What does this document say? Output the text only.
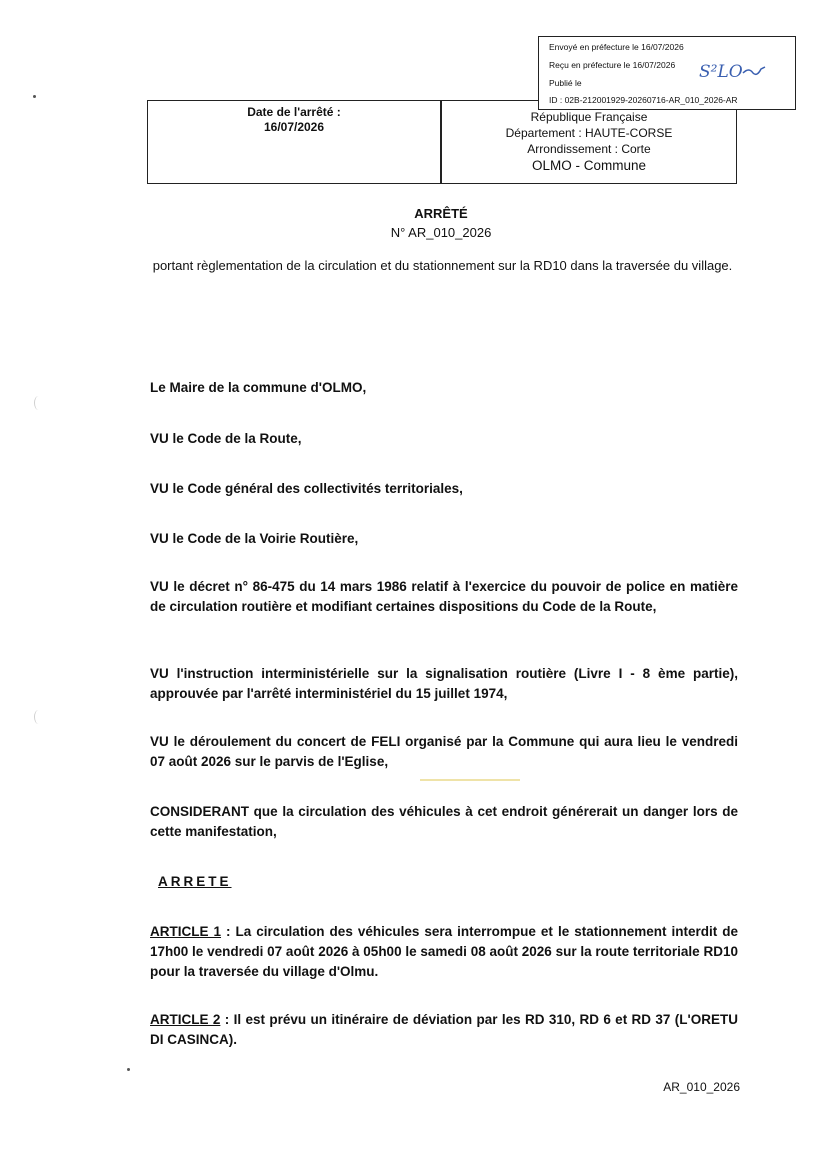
Envoyé en préfecture le 16/07/2026
Reçu en préfecture le 16/07/2026
Publié le
ID : 02B-212001929-20260716-AR_010_2026-AR
S²LO
Date de l'arrêté :
16/07/2026
République Française
Département : HAUTE-CORSE
Arrondissement : Corte
OLMO - Commune
ARRÊTÉ
N° AR_010_2026
portant règlementation de la circulation et du stationnement sur la RD10 dans la traversée du village.
Le Maire de la commune d'OLMO,
VU le Code de la Route,
VU le Code général des collectivités territoriales,
VU le Code de la Voirie Routière,
VU le décret n° 86-475 du 14 mars 1986 relatif à l'exercice du pouvoir de police en matière de circulation routière et modifiant certaines dispositions du Code de la Route,
VU l'instruction interministérielle sur la signalisation routière (Livre I - 8 ème partie), approuvée par l'arrêté interministériel du 15 juillet 1974,
VU le déroulement du concert de FELI organisé par la Commune qui aura lieu le vendredi 07 août 2026 sur le parvis de l'Eglise,
CONSIDERANT que la circulation des véhicules à cet endroit générerait un danger lors de cette manifestation,
ARRETE
ARTICLE 1 : La circulation des véhicules sera interrompue et le stationnement interdit de 17h00 le vendredi 07 août 2026 à 05h00 le samedi 08 août 2026 sur la route territoriale RD10 pour la traversée du village d'Olmu.
ARTICLE 2 : Il est prévu un itinéraire de déviation par les RD 310, RD 6 et RD 37 (L'ORETU DI CASINCA).
AR_010_2026
